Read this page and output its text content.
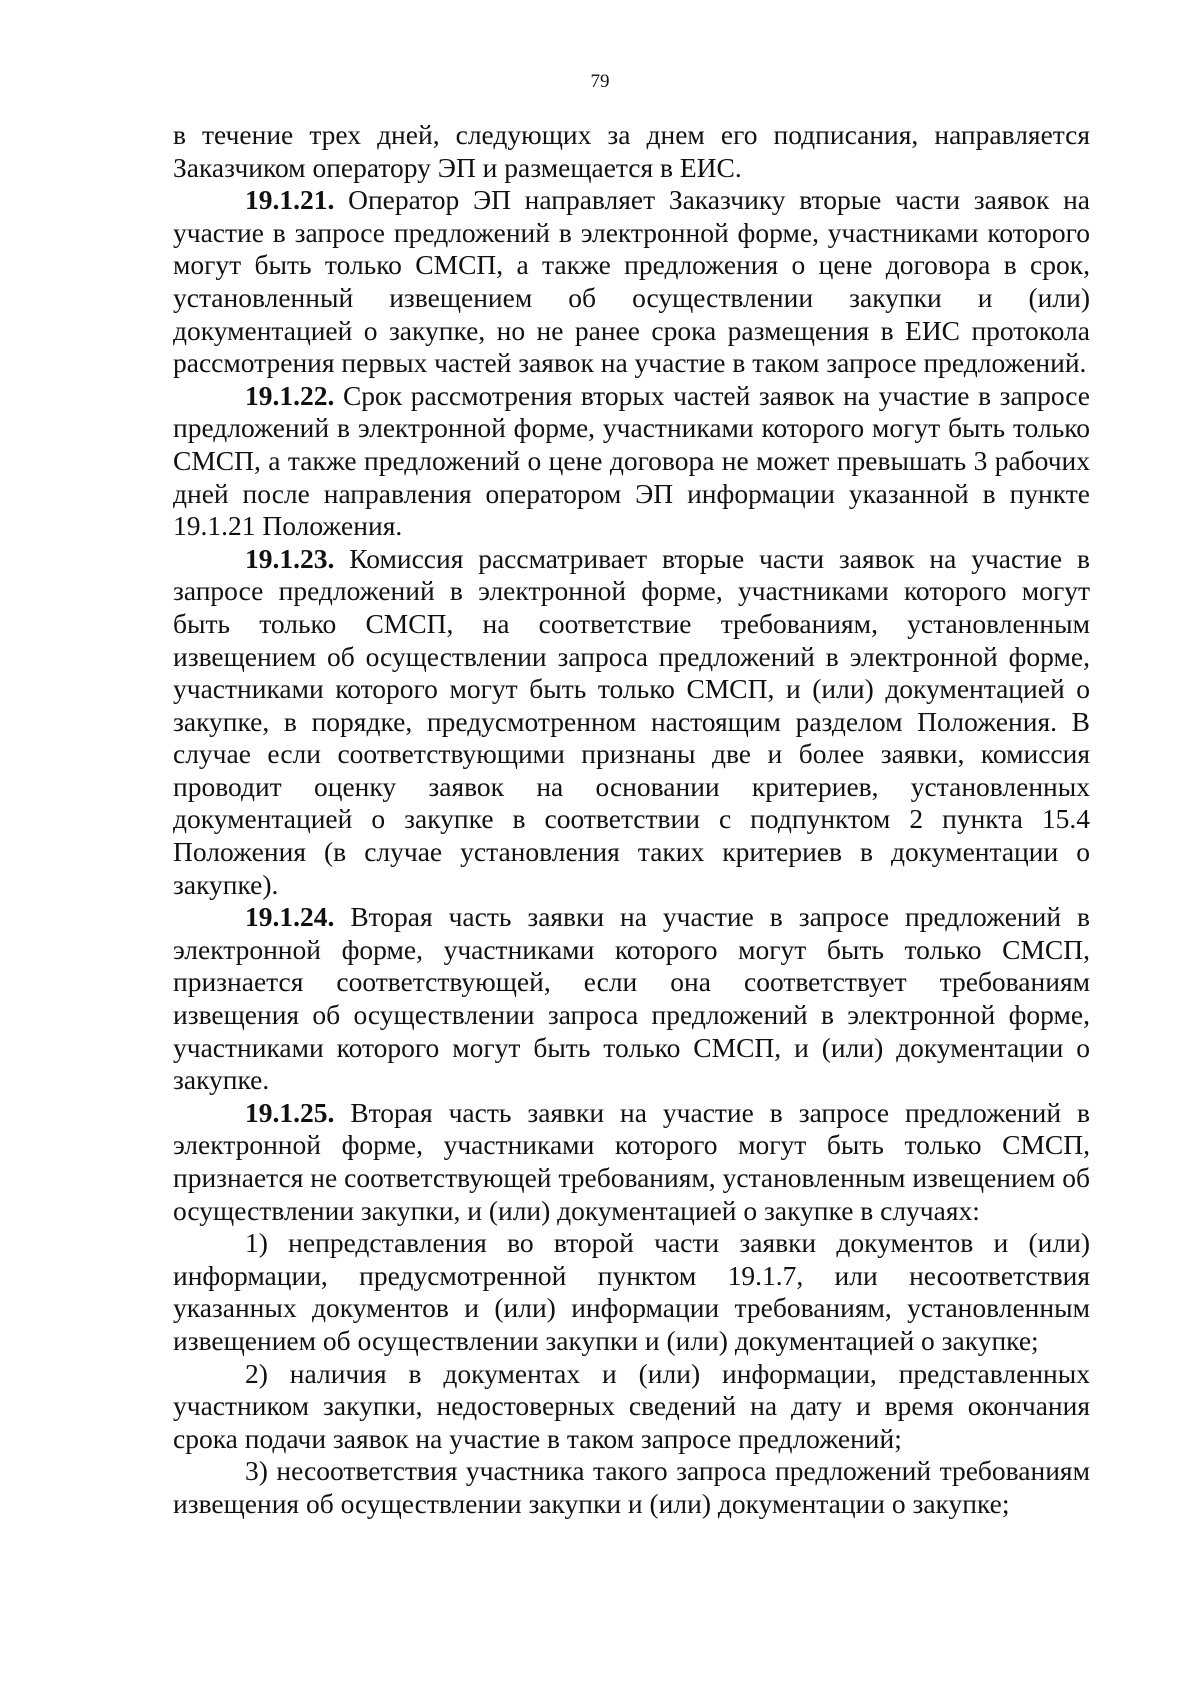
79

в течение трех дней, следующих за днем его подписания, направляется Заказчиком оператору ЭП и размещается в ЕИС.

19.1.21. Оператор ЭП направляет Заказчику вторые части заявок на участие в запросе предложений в электронной форме, участниками которого могут быть только СМСП, а также предложения о цене договора в срок, установленный извещением об осуществлении закупки и (или) документацией о закупке, но не ранее срока размещения в ЕИС протокола рассмотрения первых частей заявок на участие в таком запросе предложений.

19.1.22. Срок рассмотрения вторых частей заявок на участие в запросе предложений в электронной форме, участниками которого могут быть только СМСП, а также предложений о цене договора не может превышать 3 рабочих дней после направления оператором ЭП информации указанной в пункте 19.1.21 Положения.

19.1.23. Комиссия рассматривает вторые части заявок на участие в запросе предложений в электронной форме, участниками которого могут быть только СМСП, на соответствие требованиям, установленным извещением об осуществлении запроса предложений в электронной форме, участниками которого могут быть только СМСП, и (или) документацией о закупке, в порядке, предусмотренном настоящим разделом Положения. В случае если соответствующими признаны две и более заявки, комиссия проводит оценку заявок на основании критериев, установленных документацией о закупке в соответствии с подпунктом 2 пункта 15.4 Положения (в случае установления таких критериев в документации о закупке).

19.1.24. Вторая часть заявки на участие в запросе предложений в электронной форме, участниками которого могут быть только СМСП, признается соответствующей, если она соответствует требованиям извещения об осуществлении запроса предложений в электронной форме, участниками которого могут быть только СМСП, и (или) документации о закупке.

19.1.25. Вторая часть заявки на участие в запросе предложений в электронной форме, участниками которого могут быть только СМСП, признается не соответствующей требованиям, установленным извещением об осуществлении закупки, и (или) документацией о закупке в случаях:

1) непредставления во второй части заявки документов и (или) информации, предусмотренной пунктом 19.1.7, или несоответствия указанных документов и (или) информации требованиям, установленным извещением об осуществлении закупки и (или) документацией о закупке;

2) наличия в документах и (или) информации, представленных участником закупки, недостоверных сведений на дату и время окончания срока подачи заявок на участие в таком запросе предложений;

3) несоответствия участника такого запроса предложений требованиям извещения об осуществлении закупки и (или) документации о закупке;
